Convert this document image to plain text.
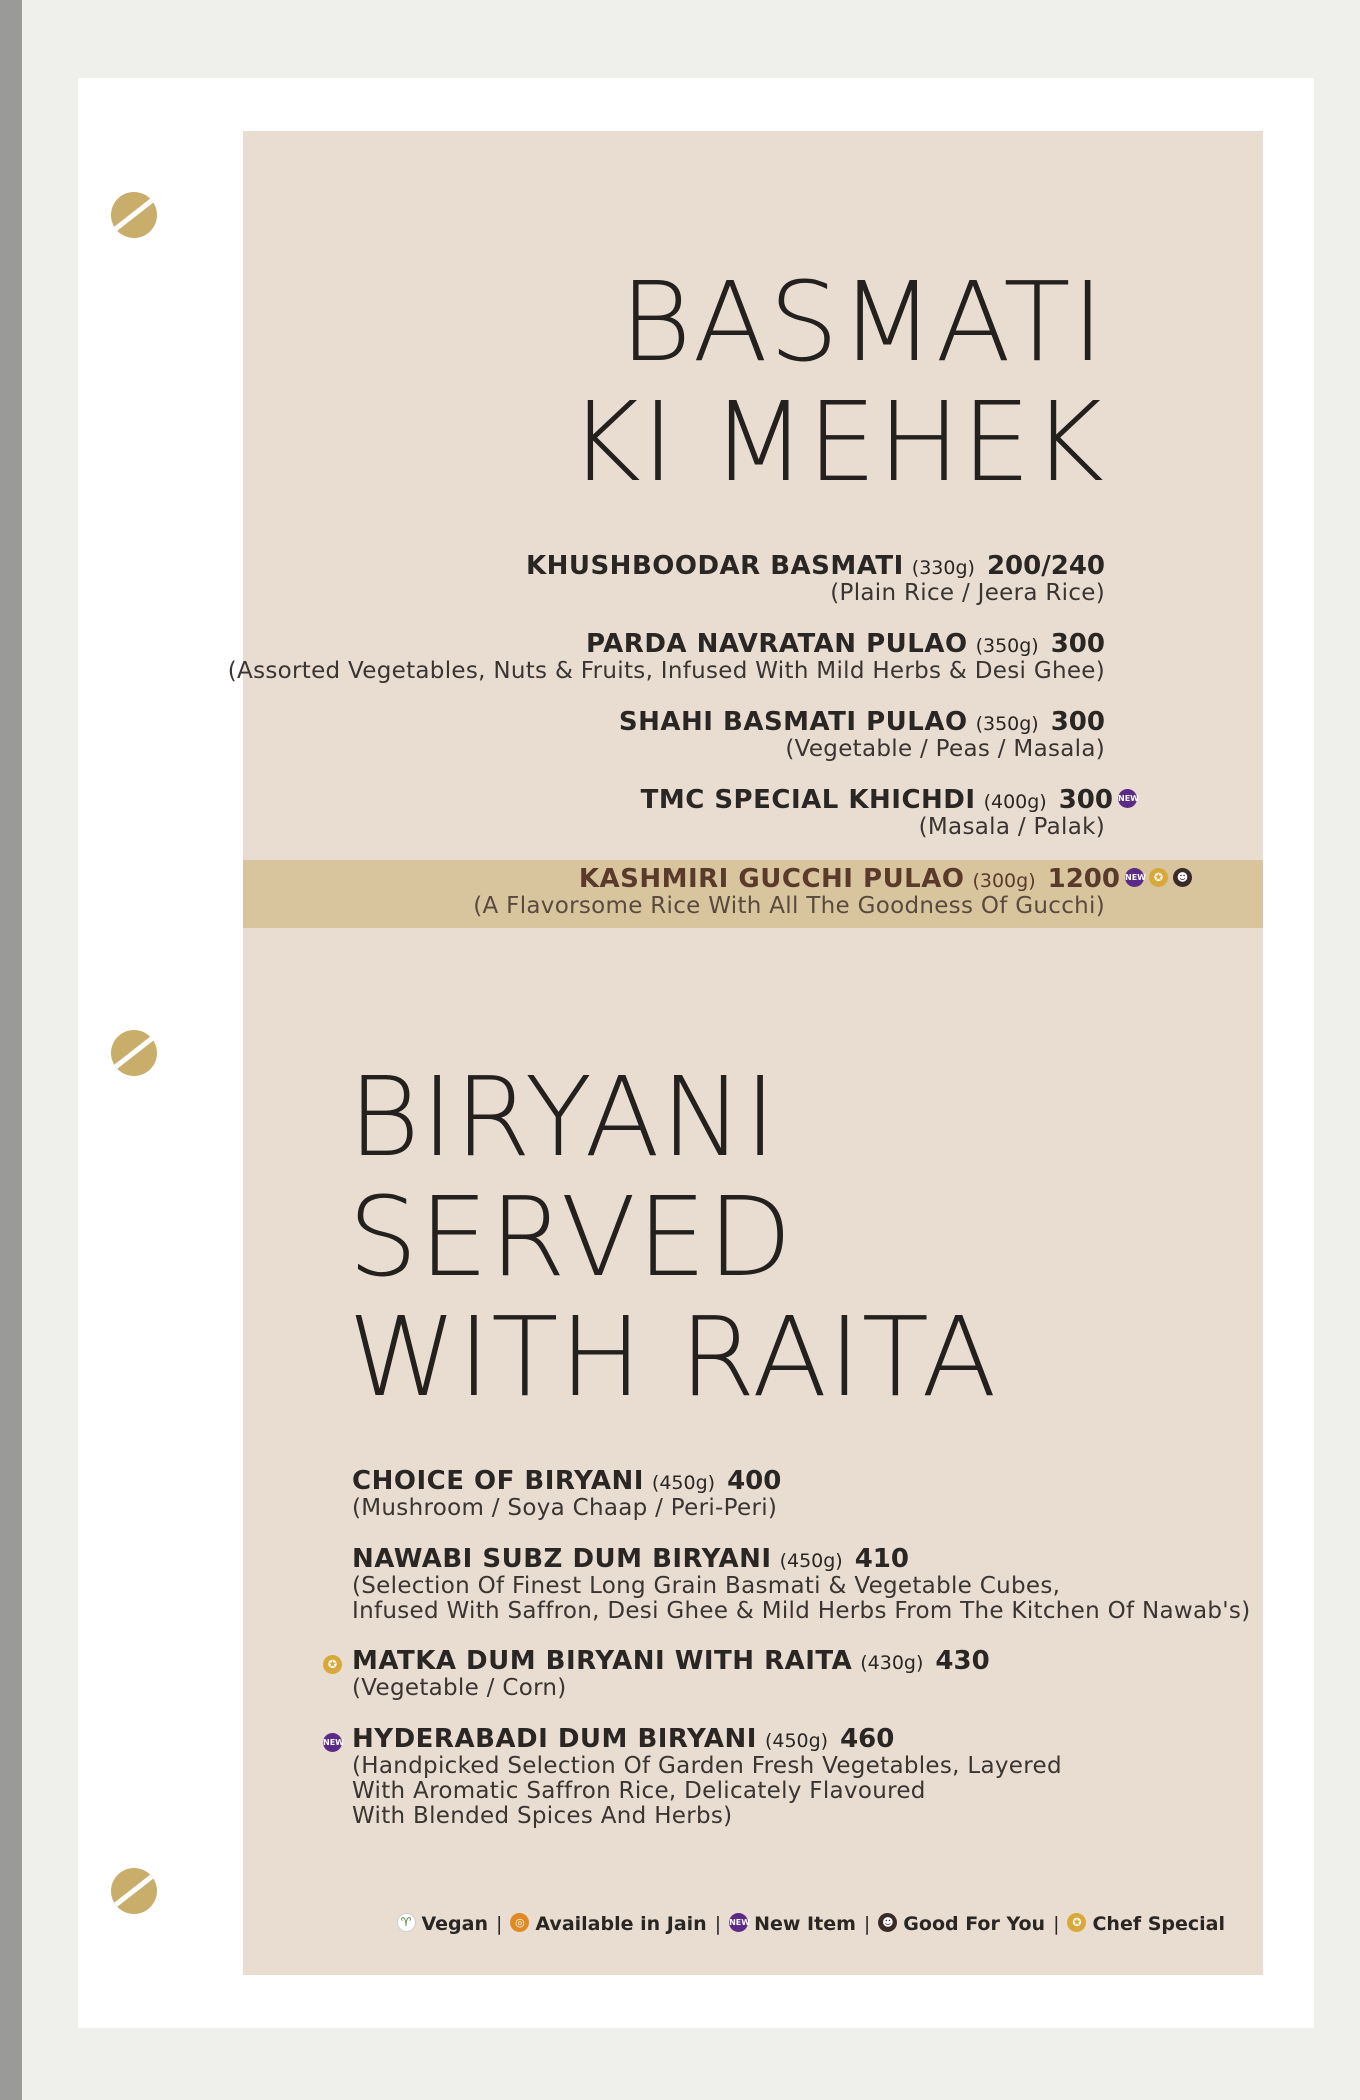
BASMATI
KI MEHEK
KHUSHBOODAR BASMATI (330g) 200/240
(Plain Rice / Jeera Rice)
PARDA NAVRATAN PULAO (350g) 300
(Assorted Vegetables, Nuts & Fruits, Infused With Mild Herbs & Desi Ghee)
SHAHI BASMATI PULAO (350g) 300
(Vegetable / Peas / Masala)
TMC SPECIAL KHICHDI (400g) 300 NEW
(Masala / Palak)
KASHMIRI GUCCHI PULAO (300g) 1200 NEW ✪ ☻
(A Flavorsome Rice With All The Goodness Of Gucchi)
BIRYANI
SERVED
WITH RAITA
CHOICE OF BIRYANI (450g) 400
(Mushroom / Soya Chaap / Peri-Peri)
NAWABI SUBZ DUM BIRYANI (450g) 410
(Selection Of Finest Long Grain Basmati & Vegetable Cubes,
Infused With Saffron, Desi Ghee & Mild Herbs From The Kitchen Of Nawab's)
✪ MATKA DUM BIRYANI WITH RAITA (430g) 430
(Vegetable / Corn)
NEW HYDERABADI DUM BIRYANI (450g) 460
(Handpicked Selection Of Garden Fresh Vegetables, Layered
With Aromatic Saffron Rice, Delicately Flavoured
With Blended Spices And Herbs)
♈ Vegan | ◎ Available in Jain | NEW New Item | ☻ Good For You | ✪ Chef Special
